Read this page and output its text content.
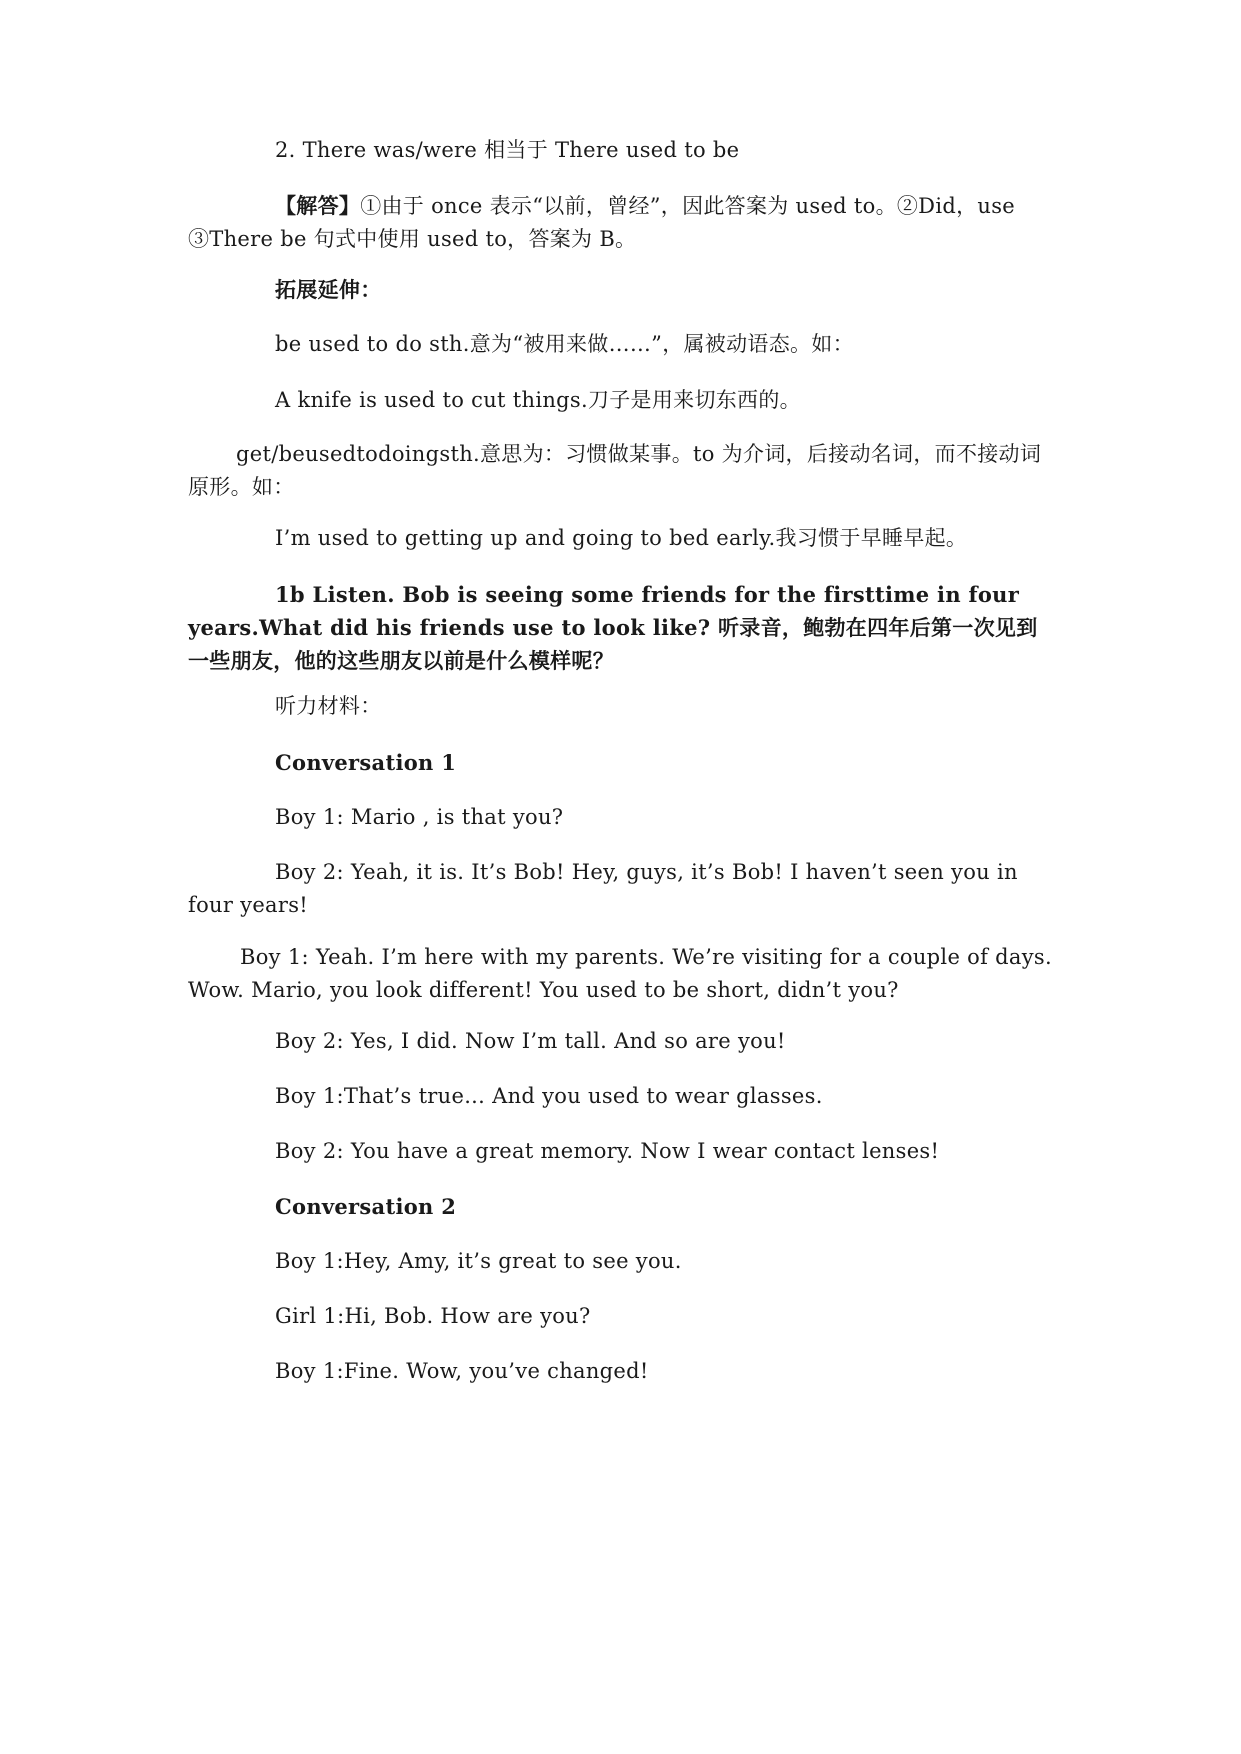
2. There was/were 相当于 There used to be

【解答】①由于 once 表示“以前，曾经”，因此答案为 used to。②Did，use ③There be 句式中使用 used to，答案为 B。

拓展延伸：

be used to do sth.意为“被用来做……”，属被动语态。如：

A knife is used to cut things.刀子是用来切东西的。

get/beusedtodoingsth.意思为：习惯做某事。to 为介词，后接动名词，而不接动词原形。如：

I’m used to getting up and going to bed early.我习惯于早睡早起。

1b Listen. Bob is seeing some friends for the firsttime in four years.What did his friends use to look like? 听录音，鲍勃在四年后第一次见到一些朋友，他的这些朋友以前是什么模样呢？

听力材料：

Conversation 1

Boy 1: Mario , is that you?

Boy 2: Yeah, it is. It’s Bob! Hey, guys, it’s Bob! I haven’t seen you in four years!

Boy 1: Yeah. I’m here with my parents. We’re visiting for a couple of days. Wow. Mario, you look different! You used to be short, didn’t you?

Boy 2: Yes, I did. Now I’m tall. And so are you!

Boy 1:That’s true... And you used to wear glasses.

Boy 2: You have a great memory. Now I wear contact lenses!

Conversation 2

Boy 1:Hey, Amy, it’s great to see you.

Girl 1:Hi, Bob. How are you?

Boy 1:Fine. Wow, you’ve changed!
